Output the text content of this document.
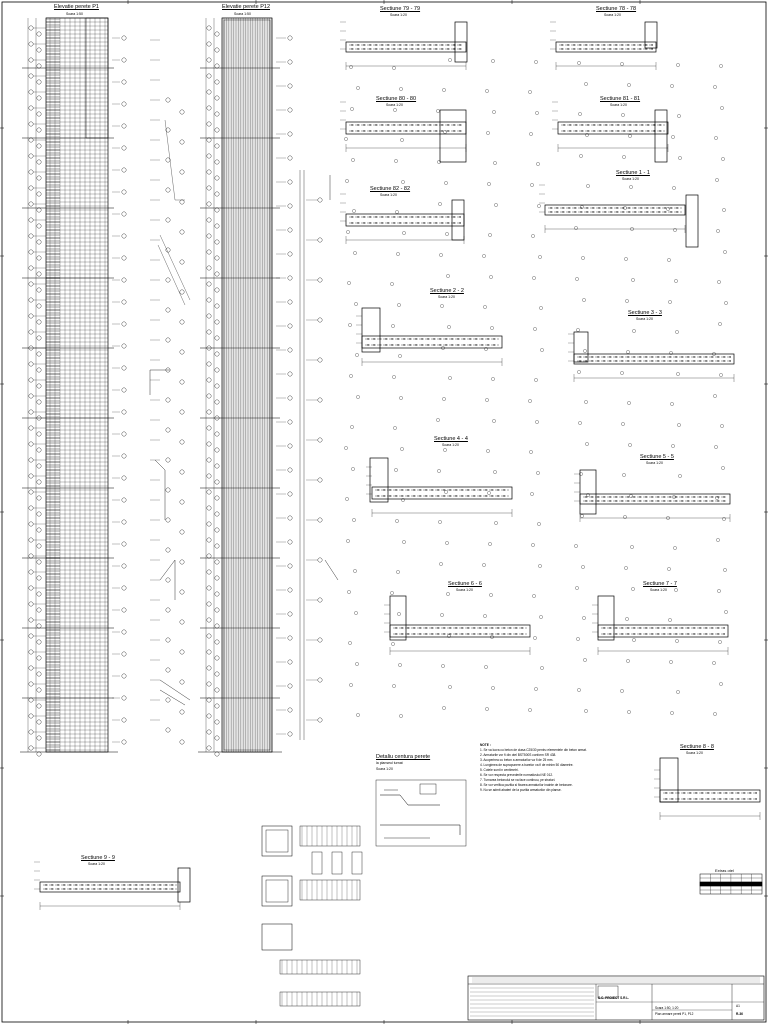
Elevatie perete P1
Scara 1:50
Elevatie perete P12
Scara 1:50
Sectiune 79 - 79
Scara 1:20
Sectiune 78 - 78
Scara 1:20
Sectiune 80 - 80
Scara 1:20
Sectiune 81 - 81
Scara 1:20
Sectiune 82 - 82
Scara 1:20
Sectiune 1 - 1
Scara 1:20
Sectiune 2 - 2
Scara 1:20
Sectiune 3 - 3
Scara 1:20
Sectiune 4 - 4
Scara 1:20
Sectiune 5 - 5
Scara 1:20
Sectiune 6 - 6
Scara 1:20
Sectiune 7 - 7
Scara 1:20
Sectiune 8 - 8
Scara 1:20
Sectiune 9 - 9
Scara 1:20
Detaliu centura perete
la planseul turnat
Scara 1:20
NOTE :
1. Se va lucra cu beton de clasa C25/30 pentru elementele din beton armat.
2. Armaturile vor fi din otel BST500S conform SR 438.
3. Acoperirea cu beton a armaturilor va fi de 25 mm.
4. Lungimea de suprapunere a barelor va fi de minim 50 diametre.
5. Cotele sunt in centimetri.
6. Se vor respecta prevederile normativului NE 012.
7. Turnarea betonului se va face continuu, pe straturi.
8. Se vor verifica pozitia si fixarea armaturilor inainte de betonare.
9. Nu se admit abateri de la pozitia armaturilor din planse.
Extras otel
S.C. PROIECT S.R.L.
Plan armare pereti P1, P12
Scara 1:50, 1:20
R-36
A1
